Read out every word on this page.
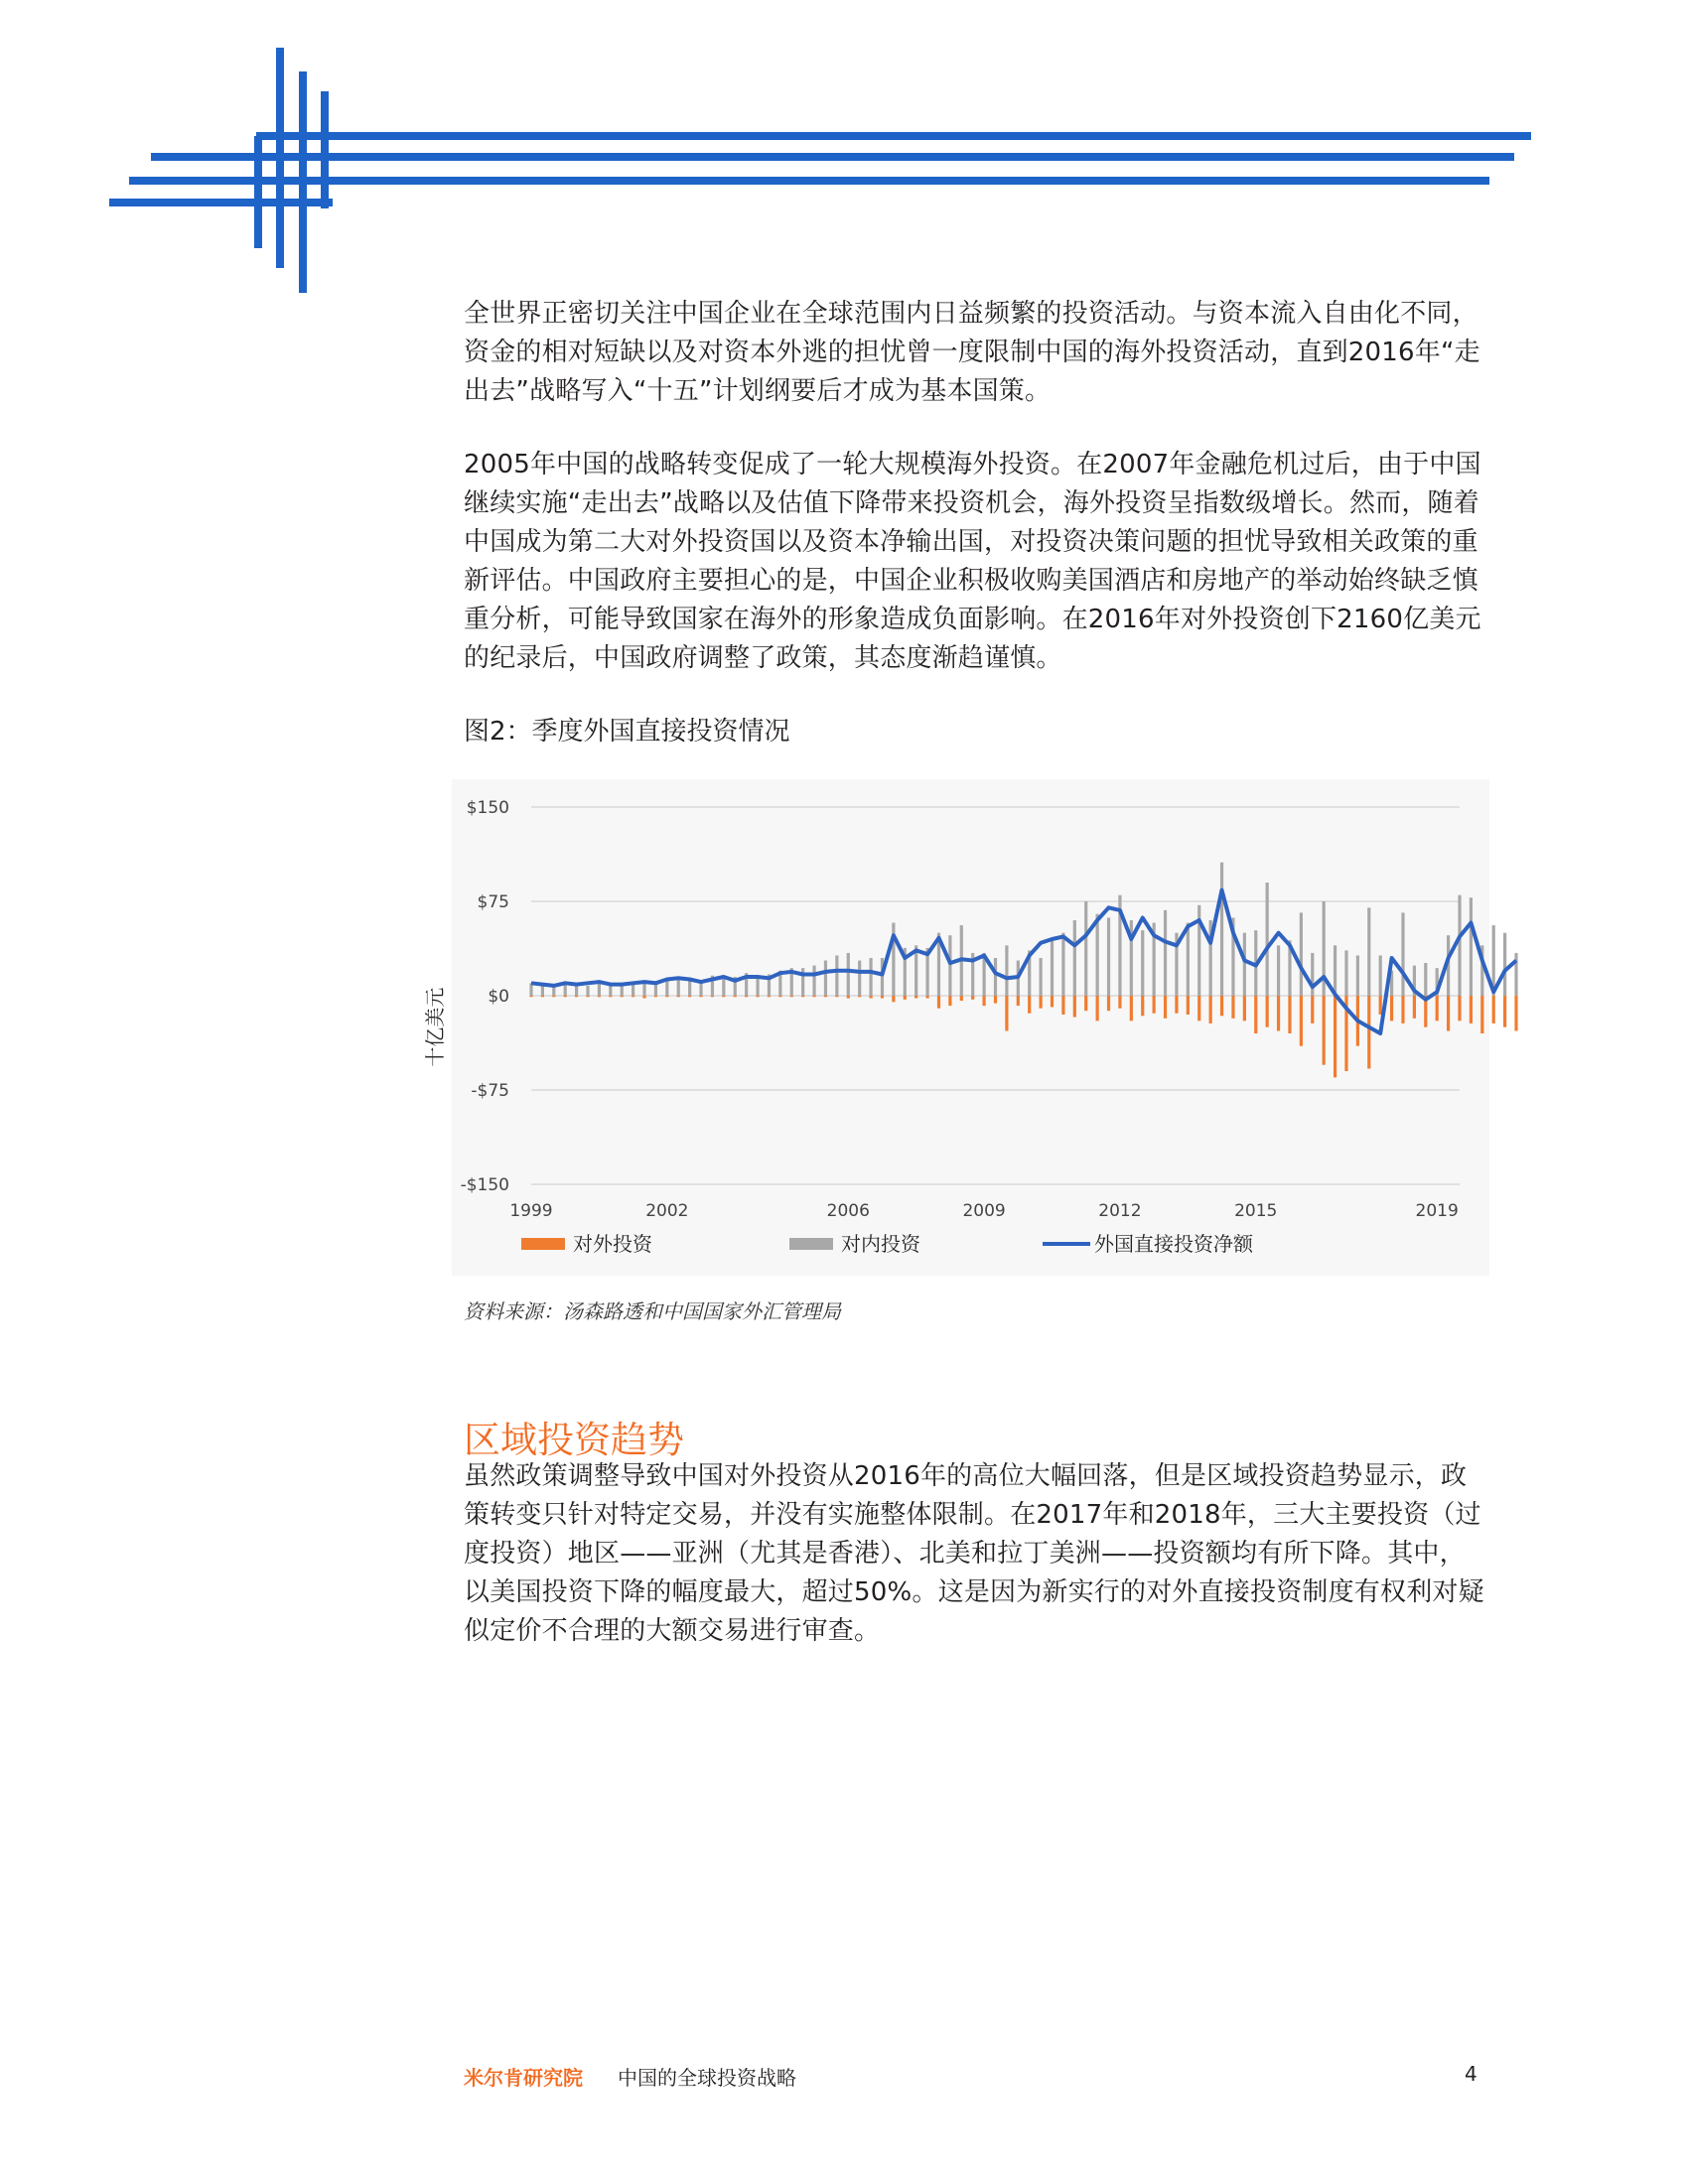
全世界正密切关注中国企业在全球范围内日益频繁的投资活动。与资本流入自由化不同，资金的相对短缺以及对资本外逃的担忧曾一度限制中国的海外投资活动，直到2016年“走出去”战略写入“十五”计划纲要后才成为基本国策。

2005年中国的战略转变促成了一轮大规模海外投资。在2007年金融危机过后，由于中国继续实施“走出去”战略以及估值下降带来投资机会，海外投资呈指数级增长。然而，随着中国成为第二大对外投资国以及资本净输出国，对投资决策问题的担忧导致相关政策的重新评估。中国政府主要担心的是，中国企业积极收购美国酒店和房地产的举动始终缺乏慎重分析，可能导致国家在海外的形象造成负面影响。在2016年对外投资创下2160亿美元的纪录后，中国政府调整了政策，其态度渐趋谨慎。

图2：季度外国直接投资情况

$150
$75
$0
-$75
-$150
十亿美元
1999	2002	2006	2009	2012	2015	2019
对外投资	对内投资	外国直接投资净额
资料来源：汤森路透和中国国家外汇管理局
区域投资趋势

虽然政策调整导致中国对外投资从2016年的高位大幅回落，但是区域投资趋势显示，政策转变只针对特定交易，并没有实施整体限制。在2017年和2018年，三大主要投资（过度投资）地区——亚洲（尤其是香港）、北美和拉丁美洲——投资额均有所下降。其中，以美国投资下降的幅度最大，超过50%。这是因为新实行的对外直接投资制度有权利对疑似定价不合理的大额交易进行审查。

米尔肯研究院 中国的全球投资战略	4
